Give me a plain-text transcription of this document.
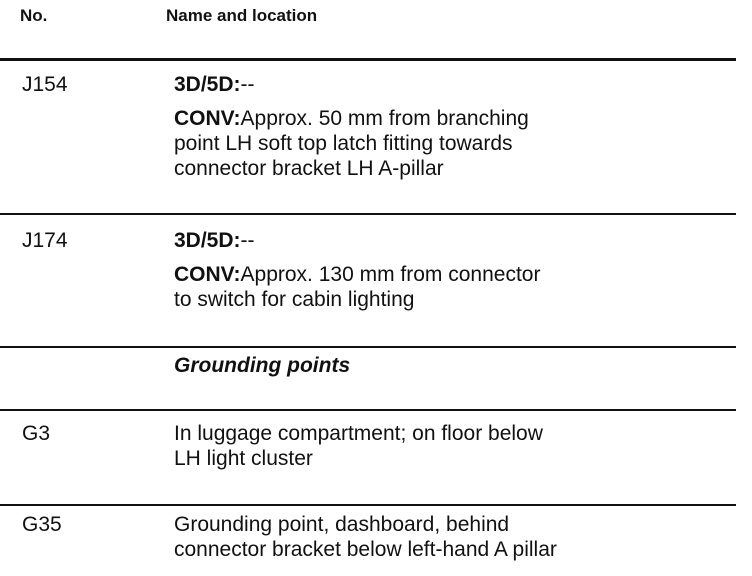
No.	Name and location
J154	3D/5D:--
CONV:Approx. 50 mm from branching
point LH soft top latch fitting towards
connector bracket LH A-pillar
J174	3D/5D:--
CONV:Approx. 130 mm from connector
to switch for cabin lighting
Grounding points
G3	In luggage compartment; on floor below
LH light cluster
G35	Grounding point, dashboard, behind
connector bracket below left-hand A pillar
